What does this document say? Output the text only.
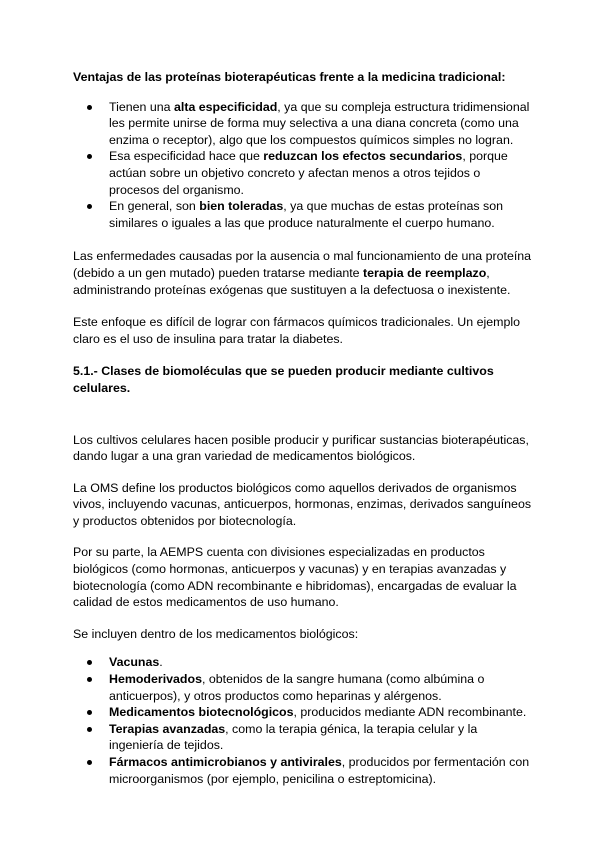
Ventajas de las proteínas bioterapéuticas frente a la medicina tradicional:

Tienen una alta especificidad, ya que su compleja estructura tridimensional les permite unirse de forma muy selectiva a una diana concreta (como una enzima o receptor), algo que los compuestos químicos simples no logran.
Esa especificidad hace que reduzcan los efectos secundarios, porque actúan sobre un objetivo concreto y afectan menos a otros tejidos o procesos del organismo.
En general, son bien toleradas, ya que muchas de estas proteínas son similares o iguales a las que produce naturalmente el cuerpo humano.

Las enfermedades causadas por la ausencia o mal funcionamiento de una proteína (debido a un gen mutado) pueden tratarse mediante terapia de reemplazo, administrando proteínas exógenas que sustituyen a la defectuosa o inexistente.

Este enfoque es difícil de lograr con fármacos químicos tradicionales. Un ejemplo claro es el uso de insulina para tratar la diabetes.

5.1.- Clases de biomoléculas que se pueden producir mediante cultivos celulares.

Los cultivos celulares hacen posible producir y purificar sustancias bioterapéuticas, dando lugar a una gran variedad de medicamentos biológicos.

La OMS define los productos biológicos como aquellos derivados de organismos vivos, incluyendo vacunas, anticuerpos, hormonas, enzimas, derivados sanguíneos y productos obtenidos por biotecnología.

Por su parte, la AEMPS cuenta con divisiones especializadas en productos biológicos (como hormonas, anticuerpos y vacunas) y en terapias avanzadas y biotecnología (como ADN recombinante e hibridomas), encargadas de evaluar la calidad de estos medicamentos de uso humano.

Se incluyen dentro de los medicamentos biológicos:

Vacunas.
Hemoderivados, obtenidos de la sangre humana (como albúmina o anticuerpos), y otros productos como heparinas y alérgenos.
Medicamentos biotecnológicos, producidos mediante ADN recombinante.
Terapias avanzadas, como la terapia génica, la terapia celular y la ingeniería de tejidos.
Fármacos antimicrobianos y antivirales, producidos por fermentación con microorganismos (por ejemplo, penicilina o estreptomicina).
